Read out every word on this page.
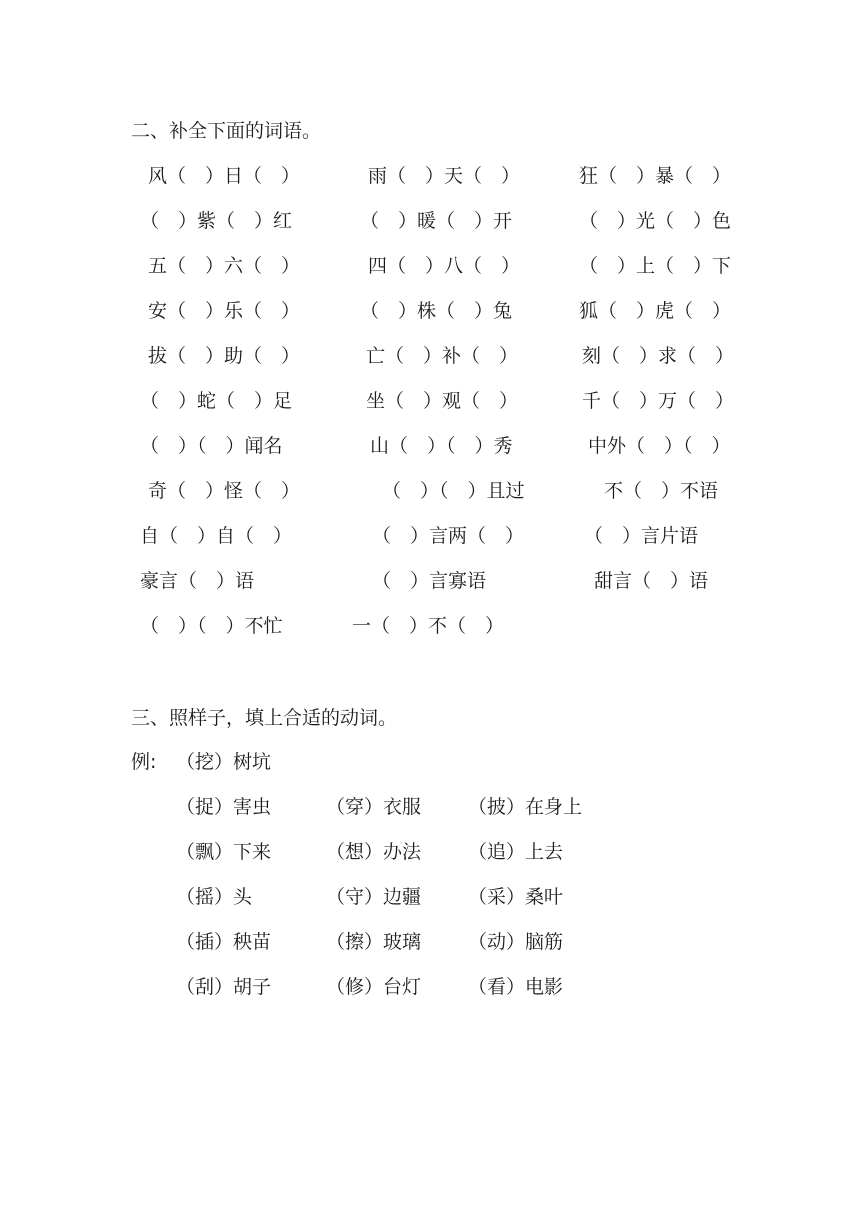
二、补全下面的词语。
风（　）日（　）	雨（　）天（　）	狂（　）暴（　）
（　）紫（　）红	（　）暖（　）开	（　）光（　）色
五（　）六（　）	四（　）八（　）	（　）上（　）下
安（　）乐（　）	（　）株（　）兔	狐（　）虎（　）
拔（　）助（　）	亡（　）补（　）	刻（　）求（　）
（　）蛇（　）足	坐（　）观（　）	千（　）万（　）
（　）（　）闻名	山（　）（　）秀	中外（　）（　）
奇（　）怪（　）	（　）（　）且过	不（　）不语
自（　）自（　）	（　）言两（　）	（　）言片语
豪言（　）语	（　）言寡语	甜言（　）语
（　）（　）不忙	一（　）不（　）
三、照样子，填上合适的动词。
例: （挖）树坑
（捉）害虫	（穿）衣服 （披）在身上
（飘）下来	（想）办法 （追）上去
（摇）头	（守）边疆 （采）桑叶
（插）秧苗	（擦）玻璃 （动）脑筋
（刮）胡子	（修）台灯 （看）电影
